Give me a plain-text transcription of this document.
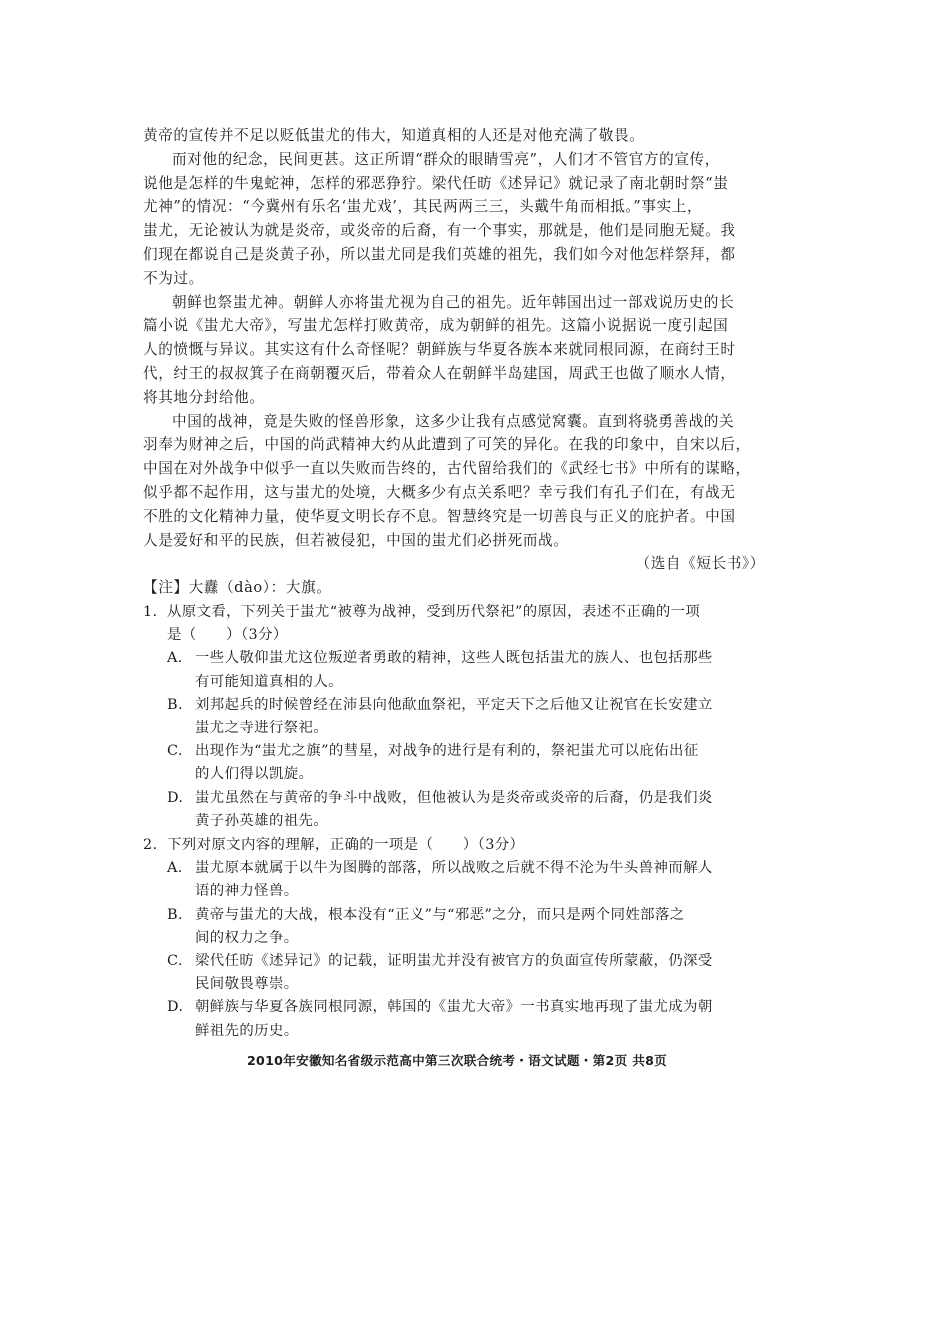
黄帝的宣传并不足以贬低蚩尤的伟大，知道真相的人还是对他充满了敬畏。
而对他的纪念，民间更甚。这正所谓“群众的眼睛雪亮”，人们才不管官方的宣传，
说他是怎样的牛鬼蛇神，怎样的邪恶狰狞。梁代任昉《述异记》就记录了南北朝时祭“蚩
尤神”的情况：“今冀州有乐名‘蚩尤戏’，其民两两三三，头戴牛角而相抵。”事实上，
蚩尤，无论被认为就是炎帝，或炎帝的后裔，有一个事实，那就是，他们是同胞无疑。我
们现在都说自己是炎黄子孙，所以蚩尤同是我们英雄的祖先，我们如今对他怎样祭拜，都
不为过。
朝鲜也祭蚩尤神。朝鲜人亦将蚩尤视为自己的祖先。近年韩国出过一部戏说历史的长
篇小说《蚩尤大帝》，写蚩尤怎样打败黄帝，成为朝鲜的祖先。这篇小说据说一度引起国
人的愤慨与异议。其实这有什么奇怪呢？朝鲜族与华夏各族本来就同根同源，在商纣王时
代，纣王的叔叔箕子在商朝覆灭后，带着众人在朝鲜半岛建国，周武王也做了顺水人情，
将其地分封给他。
中国的战神，竟是失败的怪兽形象，这多少让我有点感觉窝囊。直到将骁勇善战的关
羽奉为财神之后，中国的尚武精神大约从此遭到了可笑的异化。在我的印象中，自宋以后，
中国在对外战争中似乎一直以失败而告终的，古代留给我们的《武经七书》中所有的谋略，
似乎都不起作用，这与蚩尤的处境，大概多少有点关系吧？幸亏我们有孔子们在，有战无
不胜的文化精神力量，使华夏文明长存不息。智慧终究是一切善良与正义的庇护者。中国
人是爱好和平的民族，但若被侵犯，中国的蚩尤们必拼死而战。
（选自《短长书》）
【注】大纛（dào）：大旗。
1. 从原文看，下列关于蚩尤“被尊为战神，受到历代祭祀”的原因，表述不正确的一项
是（　　）（3分）
A. 一些人敬仰蚩尤这位叛逆者勇敢的精神，这些人既包括蚩尤的族人、也包括那些
有可能知道真相的人。
B. 刘邦起兵的时候曾经在沛县向他歃血祭祀，平定天下之后他又让祝官在长安建立
蚩尤之寺进行祭祀。
C. 出现作为“蚩尤之旗”的彗星，对战争的进行是有利的，祭祀蚩尤可以庇佑出征
的人们得以凯旋。
D. 蚩尤虽然在与黄帝的争斗中战败，但他被认为是炎帝或炎帝的后裔，仍是我们炎
黄子孙英雄的祖先。
2. 下列对原文内容的理解，正确的一项是（　　）（3分）
A. 蚩尤原本就属于以牛为图腾的部落，所以战败之后就不得不沦为牛头兽神而解人
语的神力怪兽。
B. 黄帝与蚩尤的大战，根本没有“正义”与“邪恶”之分，而只是两个同姓部落之
间的权力之争。
C. 梁代任昉《述异记》的记载，证明蚩尤并没有被官方的负面宣传所蒙蔽，仍深受
民间敬畏尊崇。
D. 朝鲜族与华夏各族同根同源，韩国的《蚩尤大帝》一书真实地再现了蚩尤成为朝
鲜祖先的历史。
2010年安徽知名省级示范高中第三次联合统考・语文试题・第2页 共8页
